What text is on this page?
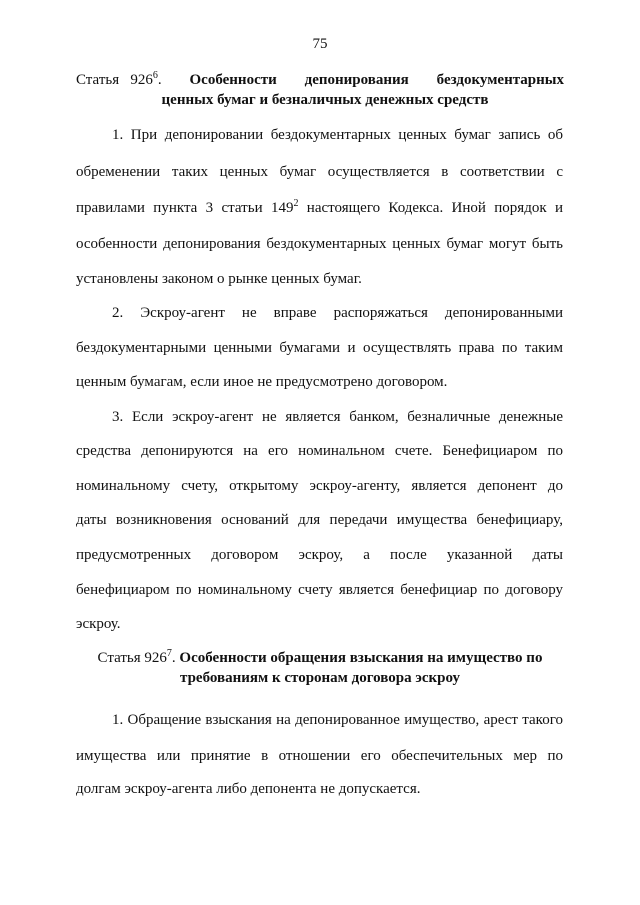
75
Статья $926^6$. Особенности депонирования бездокументарных
ценных бумаг и безналичных денежных средств
1. При депонировании бездокументарных ценных бумаг запись об
обременении таких ценных бумаг осуществляется в соответствии с
правилами пункта 3 статьи $149^2$ настоящего Кодекса. Иной порядок и
особенности депонирования бездокументарных ценных бумаг могут быть
установлены законом о рынке ценных бумаг.
2. Эскроу-агент не вправе распоряжаться депонированными
бездокументарными ценными бумагами и осуществлять права по таким
ценным бумагам, если иное не предусмотрено договором.
3. Если эскроу-агент не является банком, безналичные денежные
средства депонируются на его номинальном счете. Бенефициаром по
номинальному счету, открытому эскроу-агенту, является депонент до
даты возникновения оснований для передачи имущества бенефициару,
предусмотренных договором эскроу, а после указанной даты
бенефициаром по номинальному счету является бенефициар по договору
эскроу.
Статья $926^7$. Особенности обращения взыскания на имущество по
требованиям к сторонам договора эскроу
1. Обращение взыскания на депонированное имущество, арест такого
имущества или принятие в отношении его обеспечительных мер по
долгам эскроу-агента либо депонента не допускается.
